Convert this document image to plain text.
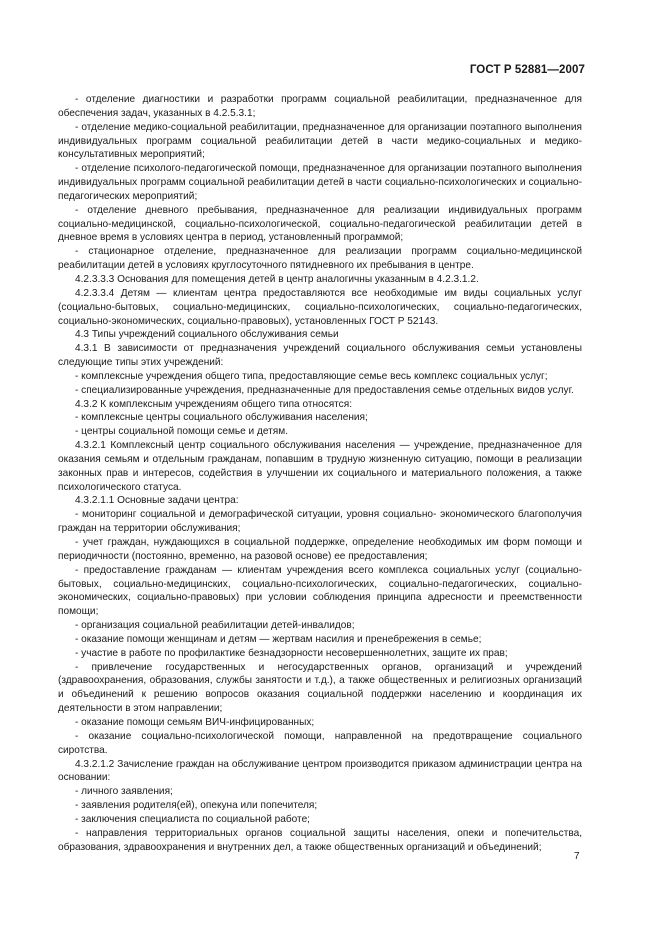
ГОСТ Р 52881—2007

- отделение диагностики и разработки программ социальной реабилитации, предназначенное для обеспечения задач, указанных в 4.2.5.3.1;

- отделение медико-социальной реабилитации, предназначенное для организации поэтапного выполнения индивидуальных программ социальной реабилитации детей в части медико-социальных и медико-консультативных мероприятий;

- отделение психолого-педагогической помощи, предназначенное для организации поэтапного выполнения индивидуальных программ социальной реабилитации детей в части социально-психологических и социально-педагогических мероприятий;

- отделение дневного пребывания, предназначенное для реализации индивидуальных программ социально-медицинской, социально-психологической, социально-педагогической реабилитации детей в дневное время в условиях центра в период, установленный программой;

- стационарное отделение, предназначенное для реализации программ социально-медицинской реабилитации детей в условиях круглосуточного пятидневного их пребывания в центре.

4.2.3.3.3 Основания для помещения детей в центр аналогичны указанным в 4.2.3.1.2.

4.2.3.3.4 Детям — клиентам центра предоставляются все необходимые им виды социальных услуг (социально-бытовых, социально-медицинских, социально-психологических, социально-педагогических, социально-экономических, социально-правовых), установленных ГОСТ Р 52143.

4.3 Типы учреждений социального обслуживания семьи

4.3.1 В зависимости от предназначения учреждений социального обслуживания семьи установлены следующие типы этих учреждений:

- комплексные учреждения общего типа, предоставляющие семье весь комплекс социальных услуг;

- специализированные учреждения, предназначенные для предоставления семье отдельных видов услуг.

4.3.2 К комплексным учреждениям общего типа относятся:

- комплексные центры социального обслуживания населения;

- центры социальной помощи семье и детям.

4.3.2.1 Комплексный центр социального обслуживания населения — учреждение, предназначенное для оказания семьям и отдельным гражданам, попавшим в трудную жизненную ситуацию, помощи в реализации законных прав и интересов, содействия в улучшении их социального и материального положения, а также психологического статуса.

4.3.2.1.1 Основные задачи центра:

- мониторинг социальной и демографической ситуации, уровня социально- экономического благополучия граждан на территории обслуживания;

- учет граждан, нуждающихся в социальной поддержке, определение необходимых им форм помощи и периодичности (постоянно, временно, на разовой основе) ее предоставления;

- предоставление гражданам — клиентам учреждения всего комплекса социальных услуг (социально-бытовых, социально-медицинских, социально-психологических, социально-педагогических, социально-экономических, социально-правовых) при условии соблюдения принципа адресности и преемственности помощи;

- организация социальной реабилитации детей-инвалидов;

- оказание помощи женщинам и детям — жертвам насилия и пренебрежения в семье;

- участие в работе по профилактике безнадзорности несовершеннолетних, защите их прав;

- привлечение государственных и негосударственных органов, организаций и учреждений (здравоохранения, образования, службы занятости и т.д.), а также общественных и религиозных организаций и объединений к решению вопросов оказания социальной поддержки населению и координация их деятельности в этом направлении;

- оказание помощи семьям ВИЧ-инфицированных;

- оказание социально-психологической помощи, направленной на предотвращение социального сиротства.

4.3.2.1.2 Зачисление граждан на обслуживание центром производится приказом администрации центра на основании:

- личного заявления;

- заявления родителя(ей), опекуна или попечителя;

- заключения специалиста по социальной работе;

- направления территориальных органов социальной защиты населения, опеки и попечительства, образования, здравоохранения и внутренних дел, а также общественных организаций и объединений;

7
